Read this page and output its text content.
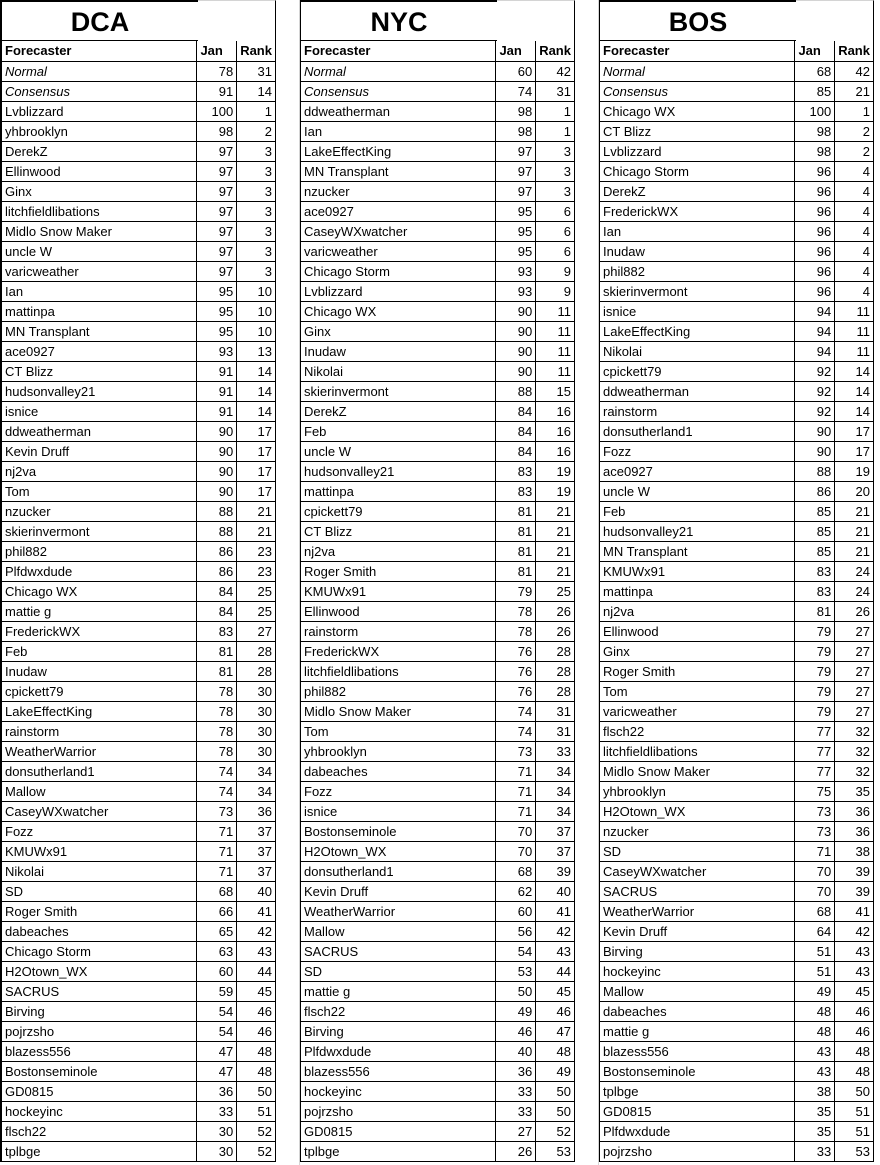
DCA
Forecaster	Jan	Rank
Normal	78	31
Consensus	91	14
Lvblizzard	100	1
yhbrooklyn	98	2
DerekZ	97	3
Ellinwood	97	3
Ginx	97	3
litchfieldlibations	97	3
Midlo Snow Maker	97	3
uncle W	97	3
varicweather	97	3
Ian	95	10
mattinpa	95	10
MN Transplant	95	10
ace0927	93	13
CT Blizz	91	14
hudsonvalley21	91	14
isnice	91	14
ddweatherman	90	17
Kevin Druff	90	17
nj2va	90	17
Tom	90	17
nzucker	88	21
skierinvermont	88	21
phil882	86	23
Plfdwxdude	86	23
Chicago WX	84	25
mattie g	84	25
FrederickWX	83	27
Feb	81	28
Inudaw	81	28
cpickett79	78	30
LakeEffectKing	78	30
rainstorm	78	30
WeatherWarrior	78	30
donsutherland1	74	34
Mallow	74	34
CaseyWXwatcher	73	36
Fozz	71	37
KMUWx91	71	37
Nikolai	71	37
SD	68	40
Roger Smith	66	41
dabeaches	65	42
Chicago Storm	63	43
H2Otown_WX	60	44
SACRUS	59	45
Birving	54	46
pojrzsho	54	46
blazess556	47	48
Bostonseminole	47	48
GD0815	36	50
hockeyinc	33	51
flsch22	30	52
tplbge	30	52
NYC
Forecaster	Jan	Rank
Normal	60	42
Consensus	74	31
ddweatherman	98	1
Ian	98	1
LakeEffectKing	97	3
MN Transplant	97	3
nzucker	97	3
ace0927	95	6
CaseyWXwatcher	95	6
varicweather	95	6
Chicago Storm	93	9
Lvblizzard	93	9
Chicago WX	90	11
Ginx	90	11
Inudaw	90	11
Nikolai	90	11
skierinvermont	88	15
DerekZ	84	16
Feb	84	16
uncle W	84	16
hudsonvalley21	83	19
mattinpa	83	19
cpickett79	81	21
CT Blizz	81	21
nj2va	81	21
Roger Smith	81	21
KMUWx91	79	25
Ellinwood	78	26
rainstorm	78	26
FrederickWX	76	28
litchfieldlibations	76	28
phil882	76	28
Midlo Snow Maker	74	31
Tom	74	31
yhbrooklyn	73	33
dabeaches	71	34
Fozz	71	34
isnice	71	34
Bostonseminole	70	37
H2Otown_WX	70	37
donsutherland1	68	39
Kevin Druff	62	40
WeatherWarrior	60	41
Mallow	56	42
SACRUS	54	43
SD	53	44
mattie g	50	45
flsch22	49	46
Birving	46	47
Plfdwxdude	40	48
blazess556	36	49
hockeyinc	33	50
pojrzsho	33	50
GD0815	27	52
tplbge	26	53
BOS
Forecaster	Jan	Rank
Normal	68	42
Consensus	85	21
Chicago WX	100	1
CT Blizz	98	2
Lvblizzard	98	2
Chicago Storm	96	4
DerekZ	96	4
FrederickWX	96	4
Ian	96	4
Inudaw	96	4
phil882	96	4
skierinvermont	96	4
isnice	94	11
LakeEffectKing	94	11
Nikolai	94	11
cpickett79	92	14
ddweatherman	92	14
rainstorm	92	14
donsutherland1	90	17
Fozz	90	17
ace0927	88	19
uncle W	86	20
Feb	85	21
hudsonvalley21	85	21
MN Transplant	85	21
KMUWx91	83	24
mattinpa	83	24
nj2va	81	26
Ellinwood	79	27
Ginx	79	27
Roger Smith	79	27
Tom	79	27
varicweather	79	27
flsch22	77	32
litchfieldlibations	77	32
Midlo Snow Maker	77	32
yhbrooklyn	75	35
H2Otown_WX	73	36
nzucker	73	36
SD	71	38
CaseyWXwatcher	70	39
SACRUS	70	39
WeatherWarrior	68	41
Kevin Druff	64	42
Birving	51	43
hockeyinc	51	43
Mallow	49	45
dabeaches	48	46
mattie g	48	46
blazess556	43	48
Bostonseminole	43	48
tplbge	38	50
GD0815	35	51
Plfdwxdude	35	51
pojrzsho	33	53
